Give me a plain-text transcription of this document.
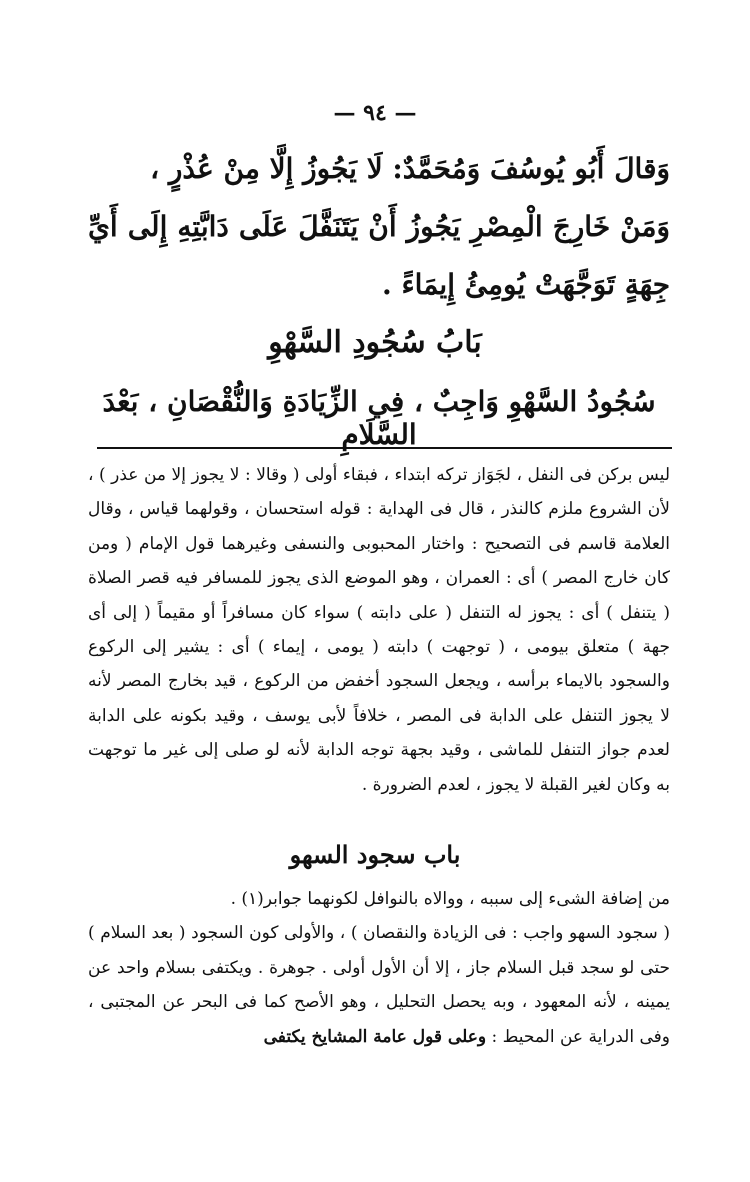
— ٩٤ —

وَقالَ أَبُو يُوسُفَ وَمُحَمَّدٌ: لَا يَجُوزُ إِلَّا مِنْ عُذْرٍ ،

وَمَنْ خَارِجَ الْمِصْرِ يَجُوزُ أَنْ يَتَنَفَّلَ عَلَى دَابَّتِهِ إِلَى أَيِّ جِهَةٍ تَوَجَّهَتْ يُومِئُ إِيمَاءً .

بَابُ سُجُودِ السَّهْوِ
سُجُودُ السَّهْوِ وَاجِبٌ ، فِي الزِّيَادَةِ وَالنُّقْصَانِ ، بَعْدَ السَّلَامِ

ليس بركن فى النفل ، لجَوَاز تركه ابتداء ، فبقاء أولى ( وقالا : لا يجوز إلا من عذر ) ، لأن الشروع ملزم كالنذر ، قال فى الهداية : قوله استحسان ، وقولهما قياس ، وقال العلامة قاسم فى التصحيح : واختار المحبوبى والنسفى وغيرهما قول الإمام ( ومن كان خارج المصر ) أى : العمران ، وهو الموضع الذى يجوز للمسافر فيه قصر الصلاة ( يتنفل ) أى : يجوز له التنفل ( على دابته ) سواء كان مسافراً أو مقيماً ( إلى أى جهة ) متعلق بيومى ، ( توجهت ) دابته ( يومى ، إيماء ) أى : يشير إلى الركوع والسجود بالايماء برأسه ، ويجعل السجود أخفض من الركوع ، قيد بخارج المصر لأنه لا يجوز التنفل على الدابة فى المصر ، خلافاً لأبى يوسف ، وقيد بكونه على الدابة لعدم جواز التنفل للماشى ، وقيد بجهة توجه الدابة لأنه لو صلى إلى غير ما توجهت به وكان لغير القبلة لا يجوز ، لعدم الضرورة .

باب سجود السهو

من إضافة الشىء إلى سببه ، ووالاه بالنوافل لكونهما جوابر(١) .

( سجود السهو واجب : فى الزيادة والنقصان ) ، والأولى كون السجود ( بعد السلام ) حتى لو سجد قبل السلام جاز ، إلا أن الأول أولى . جوهرة . ويكتفى بسلام واحد عن يمينه ، لأنه المعهود ، وبه يحصل التحليل ، وهو الأصح كما فى البحر عن المجتبى ، وفى الدراية عن المحيط : وعلى قول عامة المشايخ يكتفى
